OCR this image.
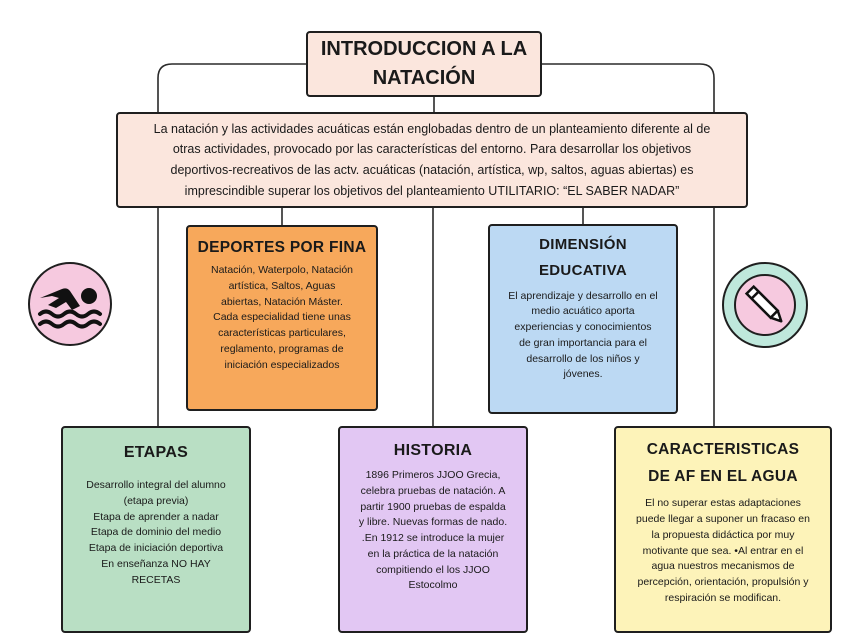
INTRODUCCION A LA
NATACIÓN
La natación y las actividades acuáticas están englobadas dentro de un planteamiento diferente al de
otras actividades, provocado por las características del entorno. Para desarrollar los objetivos
deportivos-recreativos de las actv. acuáticas (natación, artística, wp, saltos, aguas abiertas) es
imprescindible superar los objetivos del planteamiento UTILITARIO: “EL SABER NADAR”
DEPORTES POR FINA
Natación, Waterpolo, Natación
artística, Saltos, Aguas
abiertas, Natación Máster.
Cada especialidad tiene unas
características particulares,
reglamento, programas de
iniciación especializados
DIMENSIÓN
EDUCATIVA
El aprendizaje y desarrollo en el
medio acuático aporta
experiencias y conocimientos
de gran importancia para el
desarrollo de los niños y
jóvenes.
ETAPAS
Desarrollo integral del alumno
(etapa previa)
Etapa de aprender a nadar
Etapa de dominio del medio
Etapa de iniciación deportiva
En enseñanza NO HAY
RECETAS
HISTORIA
1896 Primeros JJOO Grecia,
celebra pruebas de natación. A
partir 1900 pruebas de espalda
y libre. Nuevas formas de nado.
.En 1912 se introduce la mujer
en la práctica de la natación
compitiendo el los JJOO
Estocolmo
CARACTERISTICAS
DE AF EN EL AGUA
El no superar estas adaptaciones
puede llegar a suponer un fracaso en
la propuesta didáctica por muy
motivante que sea. •Al entrar en el
agua nuestros mecanismos de
percepción, orientación, propulsión y
respiración se modifican.
